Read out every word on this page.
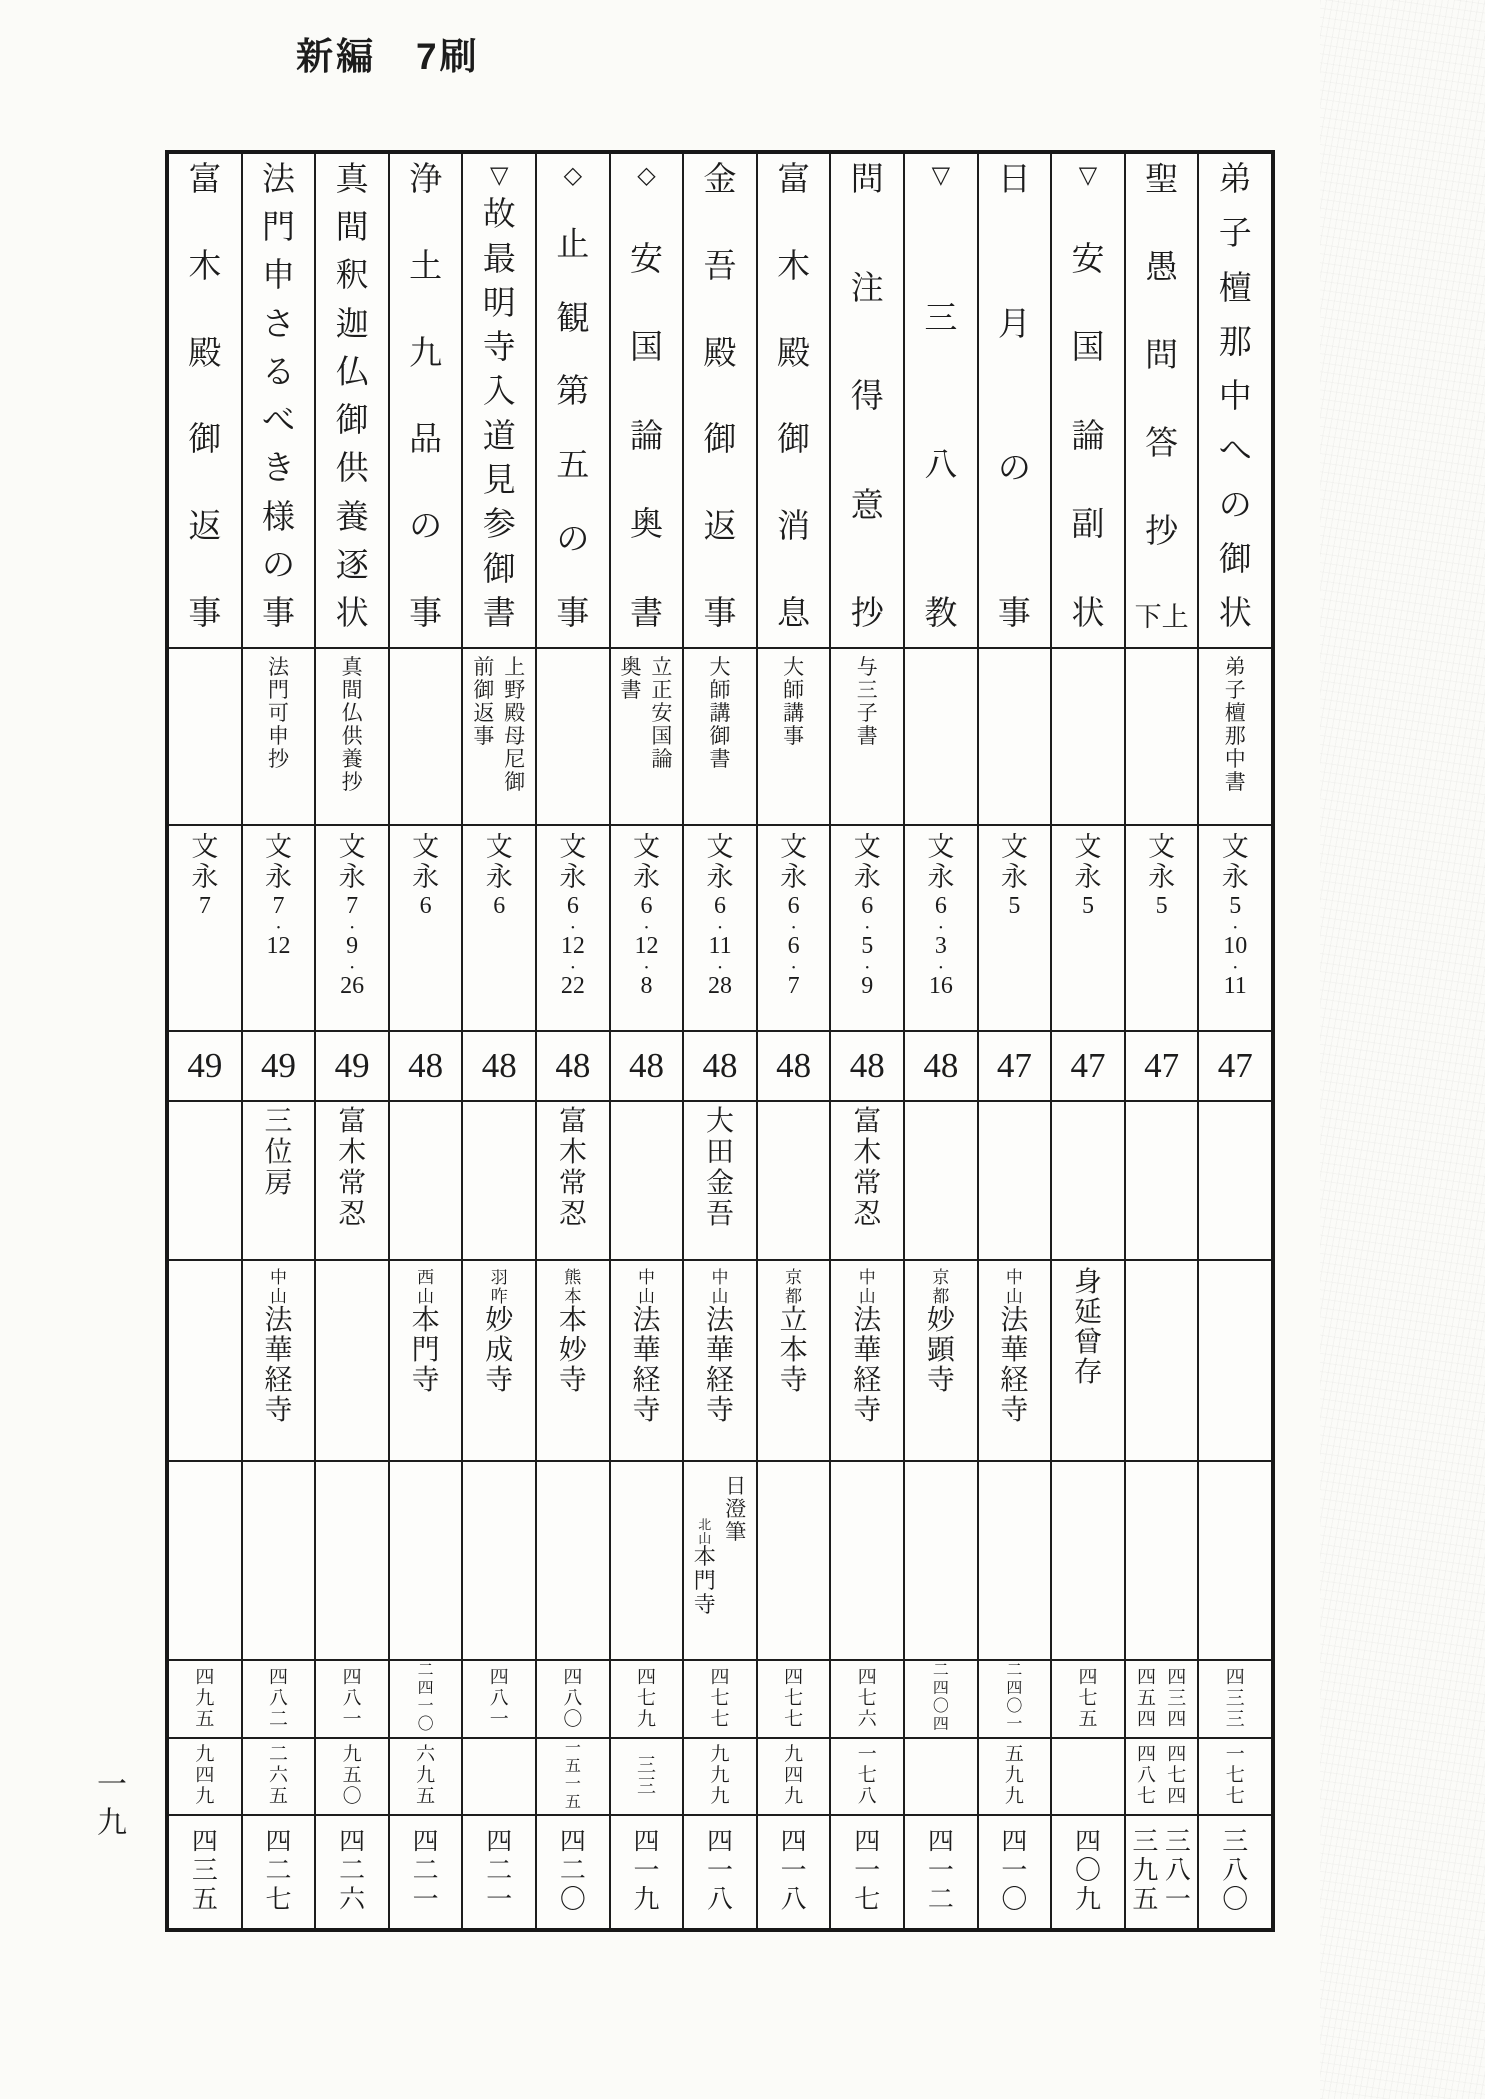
新編　7刷
一九
弟
子
檀
那
中
へ
の
御
状
弟
子
檀
那
中
書
文
永
5
・
10
・
11
47
四
三
三
一
七
七
三
八
〇
聖
愚
問
答
抄
上
下
文
永
5
47
四
三
四
四
五
四
四
七
四
四
八
七
三
八
一
三
九
五
▽
安
国
論
副
状
文
永
5
47
身
延
曾
存
四
七
五
四
〇
九
日
月
の
事
文
永
5
47
中
山
法
華
経
寺
二
四
〇
一
五
九
九
四
一
〇
▽
三
八
教
文
永
6
・
3
・
16
48
京
都
妙
顕
寺
二
四
〇
四
四
一
二
問
注
得
意
抄
与
三
子
書
文
永
6
・
5
・
9
48
富
木
常
忍
中
山
法
華
経
寺
四
七
六
一
七
八
四
一
七
富
木
殿
御
消
息
大
師
講
事
文
永
6
・
6
・
7
48
京
都
立
本
寺
四
七
七
九
四
九
四
一
八
金
吾
殿
御
返
事
大
師
講
御
書
文
永
6
・
11
・
28
48
大
田
金
吾
中
山
法
華
経
寺
日
澄
筆
北
山
本
門
寺
四
七
七
九
九
九
四
一
八
◇
安
国
論
奥
書
立
正
安
国
論
奥
書
文
永
6
・
12
・
8
48
中
山
法
華
経
寺
四
七
九
三
三
四
一
九
◇
止
観
第
五
の
事
文
永
6
・
12
・
22
48
富
木
常
忍
熊
本
本
妙
寺
四
八
〇
一
五
一
五
四
二
〇
▽
故
最
明
寺
入
道
見
参
御
書
上
野
殿
母
尼
御
前
御
返
事
文
永
6
48
羽
咋
妙
成
寺
四
八
一
四
二
一
浄
土
九
品
の
事
文
永
6
48
西
山
本
門
寺
二
四
一
〇
六
九
五
四
二
一
真
間
釈
迦
仏
御
供
養
逐
状
真
間
仏
供
養
抄
文
永
7
・
9
・
26
49
富
木
常
忍
四
八
一
九
五
〇
四
二
六
法
門
申
さ
る
べ
き
様
の
事
法
門
可
申
抄
文
永
7
・
12
49
三
位
房
中
山
法
華
経
寺
四
八
二
二
六
五
四
二
七
富
木
殿
御
返
事
文
永
7
49
四
九
五
九
四
九
四
三
五
